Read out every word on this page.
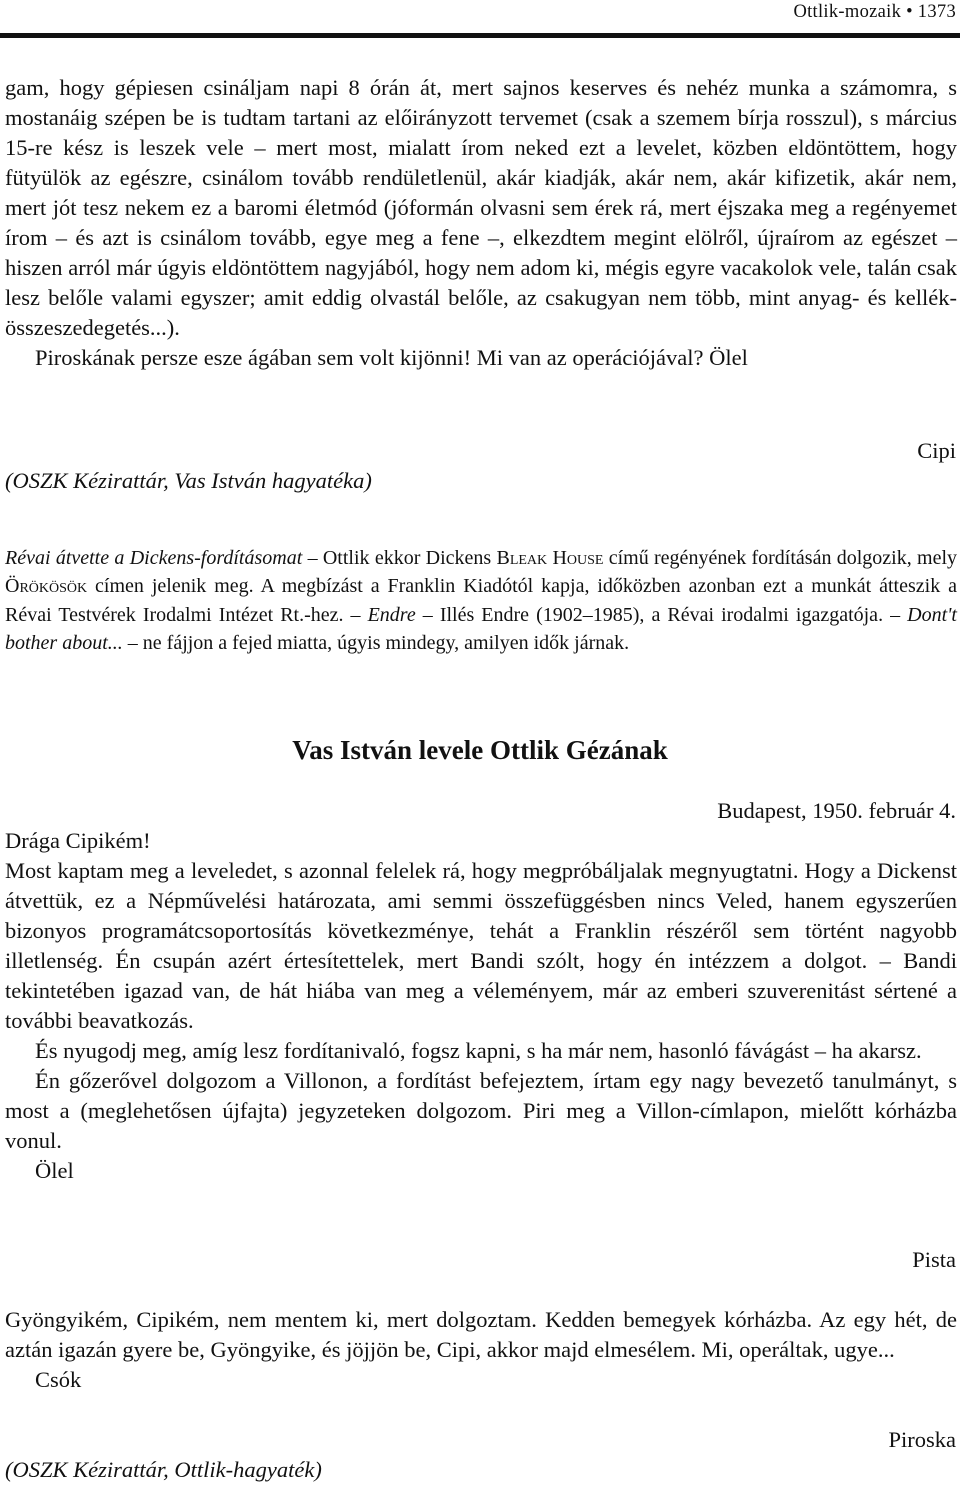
Ottlik-mozaik • 1373

gam, hogy gépiesen csináljam napi 8 órán át, mert sajnos keserves és nehéz munka a számomra, s mostanáig szépen be is tudtam tartani az előirányzott tervemet (csak a szemem bírja rosszul), s március 15-re kész is leszek vele – mert most, mialatt írom neked ezt a levelet, közben eldöntöttem, hogy fütyülök az egészre, csinálom tovább rendületlenül, akár kiadják, akár nem, akár kifizetik, akár nem, mert jót tesz nekem ez a baromi életmód (jóformán olvasni sem érek rá, mert éjszaka meg a regényemet írom – és azt is csinálom tovább, egye meg a fene –, elkezdtem megint elölről, újraírom az egészet – hiszen arról már úgyis eldöntöttem nagyjából, hogy nem adom ki, mégis egyre vacakolok vele, talán csak lesz belőle valami egyszer; amit eddig olvastál belőle, az csakugyan nem több, mint anyag- és kellék-összeszedegetés...).

Piroskának persze esze ágában sem volt kijönni! Mi van az operációjával? Ölel

Cipi
(OSZK Kézirattár, Vas István hagyatéka)

Révai átvette a Dickens-fordításomat – Ottlik ekkor Dickens Bleak House című regényének fordításán dolgozik, mely Örökösök címen jelenik meg. A megbízást a Franklin Kiadótól kapja, időközben azonban ezt a munkát átteszik a Révai Testvérek Irodalmi Intézet Rt.-hez. – Endre – Illés Endre (1902–1985), a Révai irodalmi igazgatója. – Dont't bother about... – ne fájjon a fejed miatta, úgyis mindegy, amilyen idők járnak.

Vas István levele Ottlik Gézának
Budapest, 1950. február 4.

Drága Cipikém!

Most kaptam meg a leveledet, s azonnal felelek rá, hogy megpróbáljalak megnyugtatni. Hogy a Dickenst átvettük, ez a Népművelési határozata, ami semmi összefüggésben nincs Veled, hanem egyszerűen bizonyos programátcsoportosítás következménye, tehát a Franklin részéről sem történt nagyobb illetlenség. Én csupán azért értesítettelek, mert Bandi szólt, hogy én intézzem a dolgot. – Bandi tekintetében igazad van, de hát hiába van meg a véleményem, már az emberi szuverenitást sértené a további beavatkozás.

És nyugodj meg, amíg lesz fordítanivaló, fogsz kapni, s ha már nem, hasonló fávágást – ha akarsz.

Én gőzerővel dolgozom a Villonon, a fordítást befejeztem, írtam egy nagy bevezető tanulmányt, s most a (meglehetősen újfajta) jegyzeteken dolgozom. Piri meg a Villon-címlapon, mielőtt kórházba vonul.

Ölel

Pista

Gyöngyikém, Cipikém, nem mentem ki, mert dolgoztam. Kedden bemegyek kórházba. Az egy hét, de aztán igazán gyere be, Gyöngyike, és jöjjön be, Cipi, akkor majd elmesélem. Mi, operáltak, ugye...

Csók

Piroska
(OSZK Kézirattár, Ottlik-hagyaték)
